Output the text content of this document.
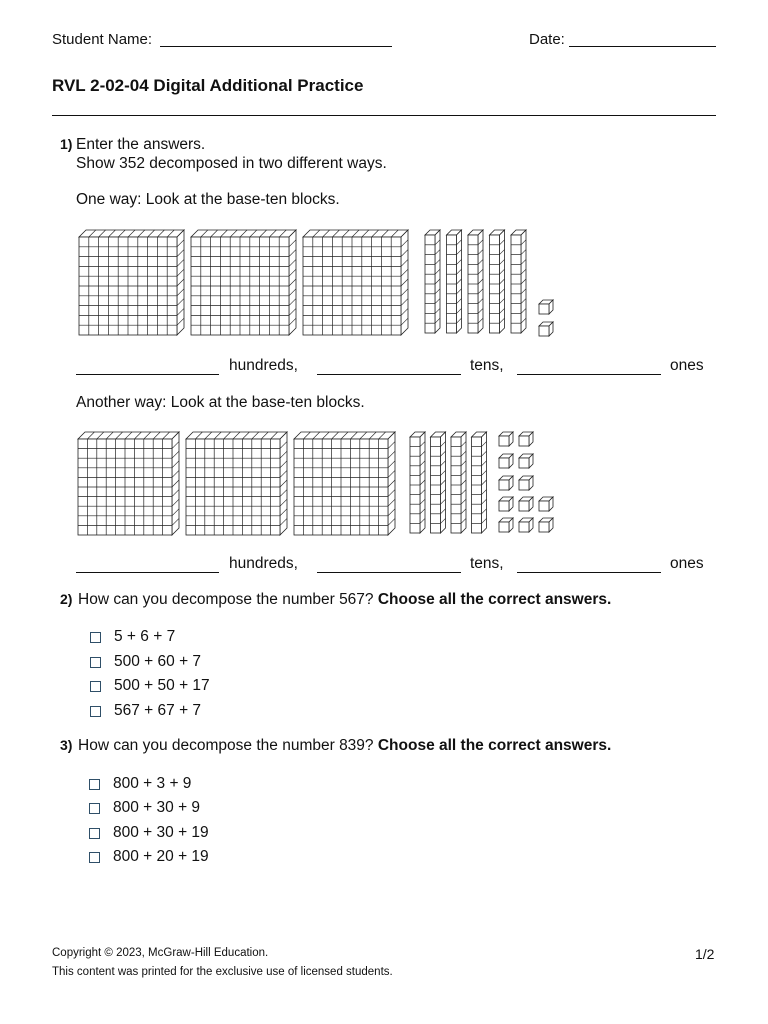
Student Name:	Date:
RVL 2-02-04 Digital Additional Practice
1) Enter the answers.
Show 352 decomposed in two different ways.
One way: Look at the base-ten blocks.
hundreds,	tens,	ones
Another way: Look at the base-ten blocks.
hundreds,	tens,	ones
2) How can you decompose the number 567? Choose all the correct answers.
5 + 6 + 7
500 + 60 + 7
500 + 50 + 17
567 + 67 + 7
3) How can you decompose the number 839? Choose all the correct answers.
800 + 3 + 9
800 + 30 + 9
800 + 30 + 19
800 + 20 + 19
Copyright © 2023, McGraw-Hill Education.
This content was printed for the exclusive use of licensed students.
1/2
